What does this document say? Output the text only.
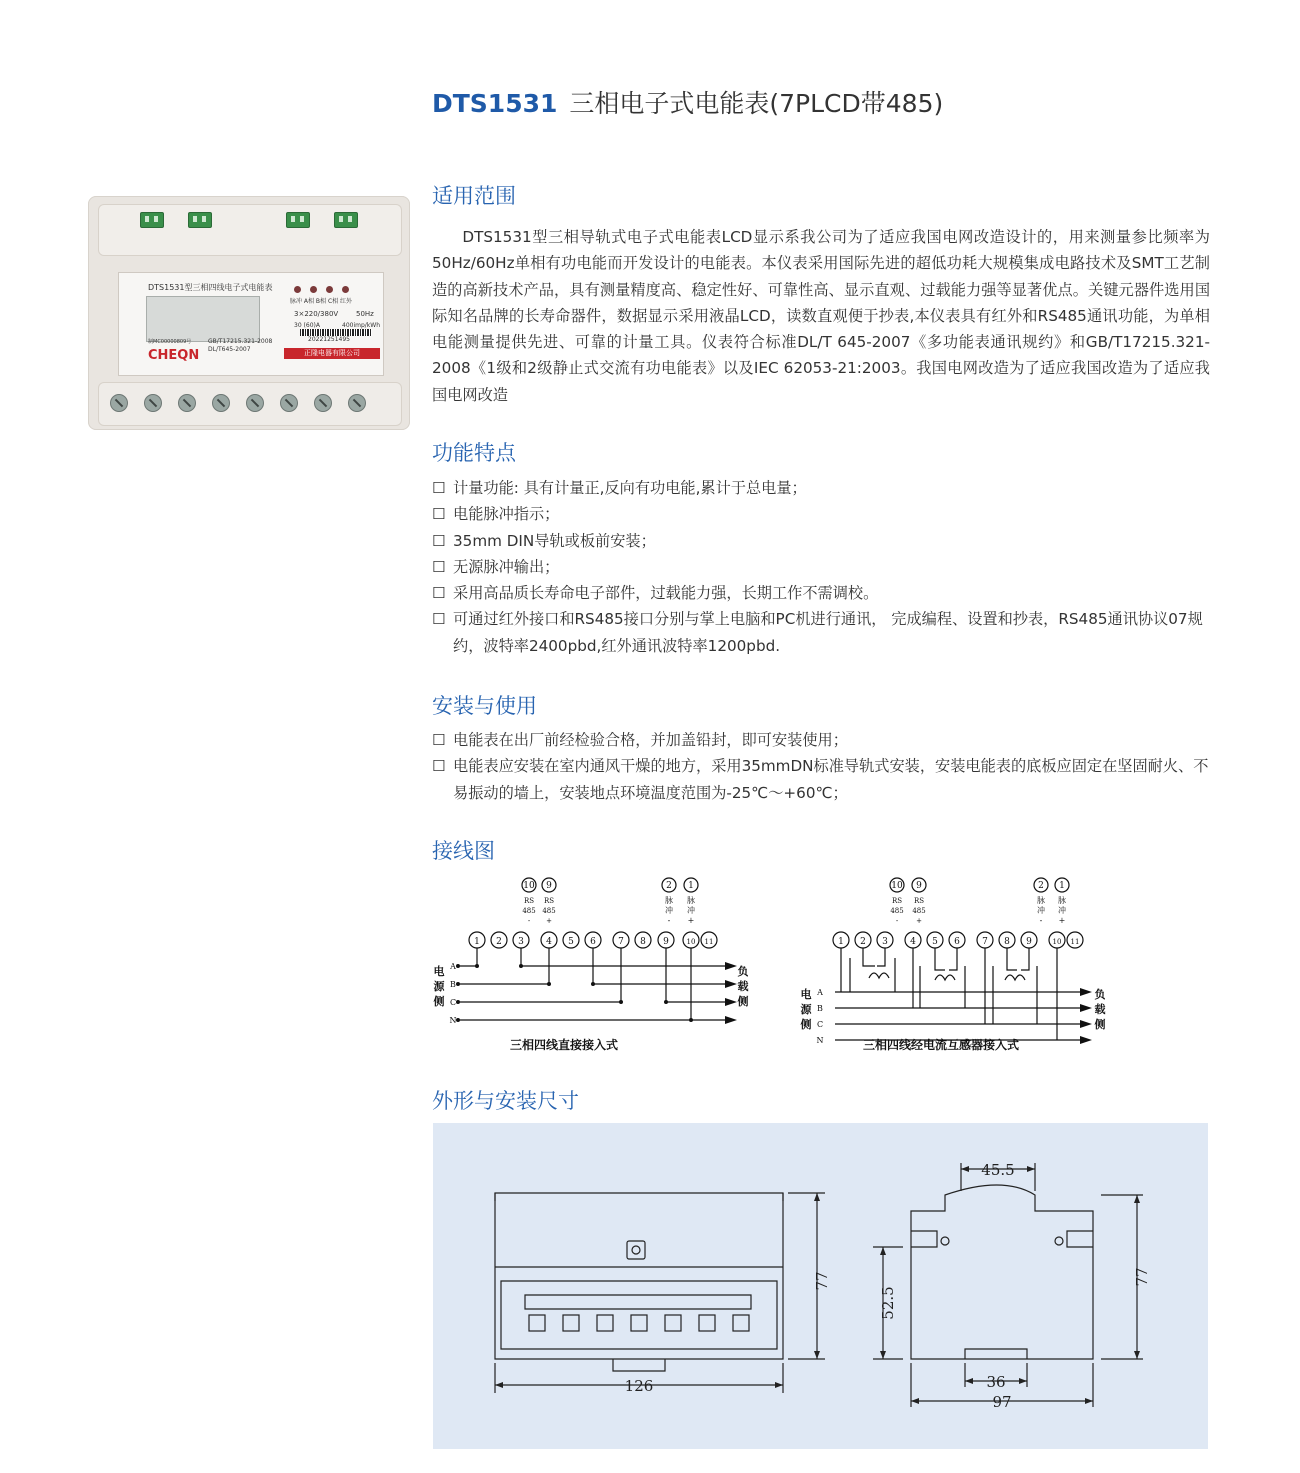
DTS1531 三相电子式电能表(7PLCD带485)
DTS1531型三相四线电子式电能表
脉冲 A相 B相 C相 红外
3×220/380V	50Hz
30 (60)A	400imp/kWh
20221251495
制MC00000809号	GB/T17215.321-2008
DL/T645-2007
CHEQN	正隆电器有限公司
适用范围
DTS1531型三相导轨式电子式电能表LCD显示系我公司为了适应我国电网改造设计的，用来测量参比频率为50Hz/60Hz单相有功电能而开发设计的电能表。本仪表采用国际先进的超低功耗大规模集成电路技术及SMT工艺制造的高新技术产品，具有测量精度高、稳定性好、可靠性高、显示直观、过载能力强等显著优点。关键元器件选用国际知名品牌的长寿命器件，数据显示采用液晶LCD，读数直观便于抄表,本仪表具有红外和RS485通讯功能，为单相电能测量提供先进、可靠的计量工具。仪表符合标准DL/T 645-2007《多功能表通讯规约》和GB/T17215.321-2008《1级和2级静止式交流有功电能表》以及IEC 62053-21:2003。我国电网改造为了适应我国改造为了适应我国电网改造
功能特点
☐ 计量功能: 具有计量正,反向有功电能,累计于总电量；
☐ 电能脉冲指示；
☐ 35mm DIN导轨或板前安装；
☐ 无源脉冲输出；
☐ 采用高品质长寿命电子部件，过载能力强，长期工作不需调校。
☐ 可通过红外接口和RS485接口分别与掌上电脑和PC机进行通讯， 完成编程、设置和抄表，RS485通讯协议07规约，波特率2400pbd,红外通讯波特率1200pbd.
安装与使用
☐ 电能表在出厂前经检验合格，并加盖铅封，即可安装使用；
☐ 电能表应安装在室内通风干燥的地方，采用35mmDN标准导轨式安装，安装电能表的底板应固定在坚固耐火、不易振动的墙上，安装地点环境温度范围为-25℃～+60℃；
接线图
10 9	2 1
RS
485
-
RS
485
+
脉
冲
-
脉
冲
+
1 2 3 4 5 6 7 8 9	10 11
A
B
C
N
电
源
侧
负
载
侧
三相四线直接接入式
10 9	2 1
RS
485
-
RS
485
+
脉
冲
-
脉
冲
+
1 2 3 4 5 6 7 8 9	10 11
A
B
C
N
电
源
侧
负
载
侧
三相四线经电流互感器接入式
外形与安装尺寸
126
77
45.5
52.5
77
36
97
